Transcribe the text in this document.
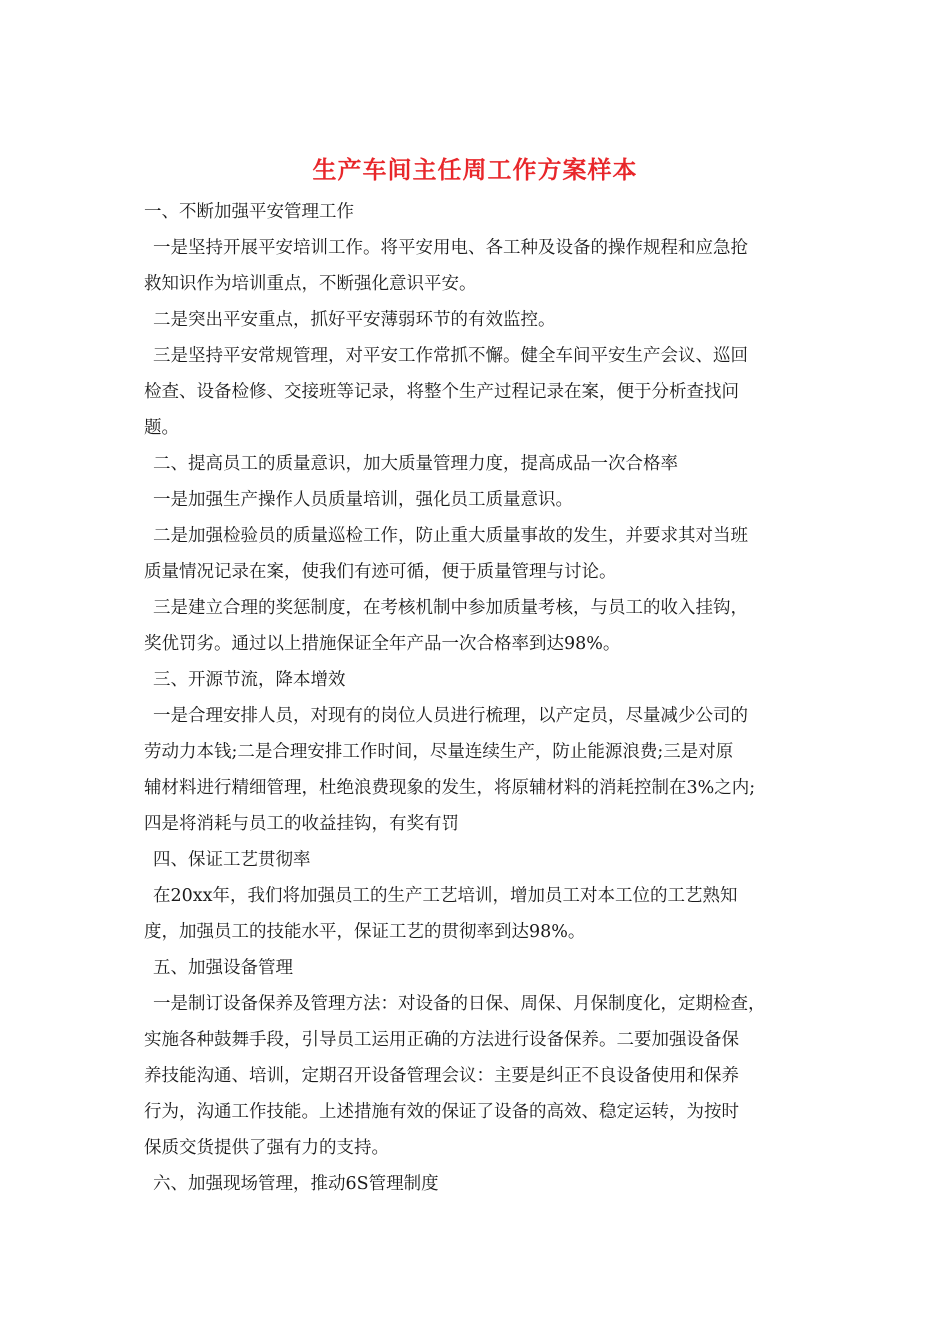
生产车间主任周工作方案样本
一、不断加强平安管理工作
一是坚持开展平安培训工作。将平安用电、各工种及设备的操作规程和应急抢
救知识作为培训重点，不断强化意识平安。
二是突出平安重点，抓好平安薄弱环节的有效监控。
三是坚持平安常规管理，对平安工作常抓不懈。健全车间平安生产会议、巡回
检查、设备检修、交接班等记录，将整个生产过程记录在案，便于分析查找问
题。
二、提高员工的质量意识，加大质量管理力度，提高成品一次合格率
一是加强生产操作人员质量培训，强化员工质量意识。
二是加强检验员的质量巡检工作，防止重大质量事故的发生，并要求其对当班
质量情况记录在案，使我们有迹可循，便于质量管理与讨论。
三是建立合理的奖惩制度，在考核机制中参加质量考核，与员工的收入挂钩，
奖优罚劣。通过以上措施保证全年产品一次合格率到达98%。
三、开源节流，降本增效
一是合理安排人员，对现有的岗位人员进行梳理，以产定员，尽量减少公司的
劳动力本钱;二是合理安排工作时间，尽量连续生产，防止能源浪费;三是对原
辅材料进行精细管理，杜绝浪费现象的发生，将原辅材料的消耗控制在3%之内;
四是将消耗与员工的收益挂钩，有奖有罚
四、保证工艺贯彻率
在20xx年，我们将加强员工的生产工艺培训，增加员工对本工位的工艺熟知
度，加强员工的技能水平，保证工艺的贯彻率到达98%。
五、加强设备管理
一是制订设备保养及管理方法：对设备的日保、周保、月保制度化，定期检查，
实施各种鼓舞手段，引导员工运用正确的方法进行设备保养。二要加强设备保
养技能沟通、培训，定期召开设备管理会议：主要是纠正不良设备使用和保养
行为，沟通工作技能。上述措施有效的保证了设备的高效、稳定运转，为按时
保质交货提供了强有力的支持。
六、加强现场管理，推动6S管理制度
